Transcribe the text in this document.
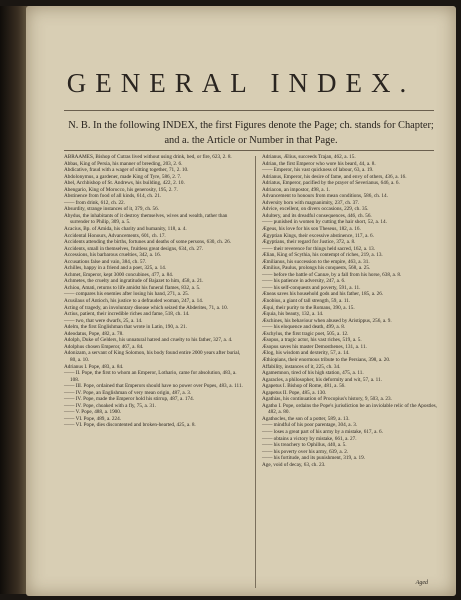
GENERAL INDEX.
N. B. In the following INDEX, the first Figures denote the Page; ch. stands for Chapter; and a. the Article or Number in that Page.
ABRAAMES, Bishop of Cutras lived without using drink, bed, or fire, 623, 2. 8.
Abbas, King of Persia, his manner of breeding, 203, 2. 6.
Abdicative, fraud with a wager of sitting together, 71, 2. 10.
Abdolonymus, a gardener, made King of Tyre, 586, 2. 7.
Abel, Archbishop of St. Andrews, his building, 422, 2. 10.
Abengario, King of Morocco, his generosity, 195, 2. 7.
Abstinence from food of all kinds, 614, ch. 21.
—— from drink, 612, ch. 22.
Absurdity, strange instances of it, 379, ch. 56.
Abydus, the inhabitants of it destroy themselves, wives and wealth, rather than surrender to Philip, 309, a. 5.
Acacius, Bp. of Amida, his charity and humanity, 118, a. 4.
Accidental Honours, Advancements, 601, ch. 17.
Accidents attending the births, fortunes and deaths of some persons, 630, ch. 26.
Accidents, small in themselves, fruitless great designs, 634, ch. 27.
Accessions, his barbarous cruelties, 342, a. 16.
Accusations false and vain, 384, ch. 57.
Achilles, happy in a friend and a poet, 325, a. 14.
Achmet, Emperor, kept 3000 concubines, 477, a. 84.
Achmetes, the cruelty and ingratitude of Bajazet to him, 458, a. 21.
Achiou, Amati, returns to life amidst his funeral flames, 832, a. 5.
—— compares his enemies after losing his hand, 271, a. 25.
Acusilaus of Antioch, his justice to a defrauded woman, 247, a. 14.
Acting of tragedy, an involuntary disease which seized the Abderites, 71, a. 10.
Actius, patient, their incredible riches and fame, 518, ch. 14.
—— two, that were dwarfs, 25, a. 14.
Adelm, the first Englishman that wrote in Latin, 190, a. 21.
Adeodatus, Pope, 482, a. 78.
Adolph, Duke of Gelders, his unnatural hatred and cruelty to his father, 327, a. 4.
Adolphus chosen Emperor, 467, a. 84.
Adonizam, a servant of King Solomon, his body found entire 2000 years after burial, 80, a. 10.
Adrianus I. Pope, 483, a. 84.
—— II. Pope, the first to whom an Emperor, Lothario, came for absolution, 483, a. 108.
—— III. Pope, ordained that Emperors should have no power over Popes, 483, a. 111.
—— IV. Pope, an Englishman of very mean origin, 487, a. 3.
—— IV. Pope, made the Emperor hold his stirrup, 487, a. 174.
—— IV. Pope, choaked with a fly, 75, a. 31.
—— V. Pope, 488, a. 1900.
—— VI. Pope, 489, a. 224.
—— VI. Pope, dies discontented and broken-hearted, 425, a. 8.
Adrianus, Ælius, succeeds Trajan, 462, a. 15.
Adrian, the first Emperor who wore his beard, 44, a. 8.
—— Emperor, his vast quickness of labour, 63, a. 19.
Adrianus, Emperor, his desire of fame, and envy of others, 436, a. 16.
Adriatus, Emperor, pacified by the prayer of Severianus, 646, a. 6.
Adriacon, an impostor, 498, a. 1.
Advancement to honours from mean conditions, 586, ch. 14.
Adversity born with magnanimity, 237, ch. 37.
Advice, excellent, on divers occasions, 229, ch. 35.
Adultery, and its dreadful consequences, 446, ch. 56.
—— punished in women by cutting the hair short, 52, a. 14.
Ægeus, his love for his son Theseus, 182, a. 16.
Ægyptian Kings, their excessive abstinence, 117, a. 6.
Ægyptians, their regard for Justice, 372, a. 8.
—— their reverence for things held sacred, 162, a. 13.
Ælian, King of Scythia, his contempt of riches, 219, a. 13.
Æmilianus, his succession to the empire, 463, a. 31.
Æmilius, Paulus, prolongs his conquests, 568, a. 25.
—— before the battle of Cannæ, by a fall from his horse, 638, a. 8.
—— his patience in adversity, 247, a. 6.
—— his self-conquests and poverty, 591, a. 11.
Æneas saves his household gods and his father, 185, a. 26.
Ænobius, a giant of tall strength, 59, a. 11.
Æqui, their purity to the Romans, 390, a. 15.
Æquia, his beauty, 132, a. 14.
Æschines, his behaviour when abused by Aristippus, 256, a. 9.
—— his eloquence and death, 499, a. 8.
Æschylus, the first tragic poet, 505, a. 12.
Æsopus, a tragic actor, his vast riches, 519, a. 5.
Æsopus saves his master Demosthenes, 131, a. 11.
Ælog, his wisdom and dexterity, 57, a. 14.
Æthiopians, their enormous tribute to the Persians, 398, a. 20.
Affability, instances of it, 225, ch. 34.
Agamemnon, tired of his high station, 475, a. 11.
Agaracles, a philosopher, his deformity and wit, 57, a. 11.
Agapetus I. Bishop of Rome, 481, a. 56.
Agapetus II. Pope, 485, a. 130.
Agathias, his continuation of Procopius's history, 9, 503, a. 23.
Agatho I. Pope, ordains the Pope's jurisdiction be an inviolable relic of the Apostles, 482, a. 80.
Agathocles, the son of a potter, 589, a. 13.
—— mindful of his poor parentage, 304, a. 3.
—— loses a great part of his army by a mistake, 617, a. 6.
—— obtains a victory by mistake, 661, a. 27.
—— his treachery to Ophillus, 440, a. 5.
—— his poverty over his army, 639, a. 2.
—— his fortitude, and its punishment, 319, a. 19.
Age, void of decay, 63, ch. 23.
Aged
